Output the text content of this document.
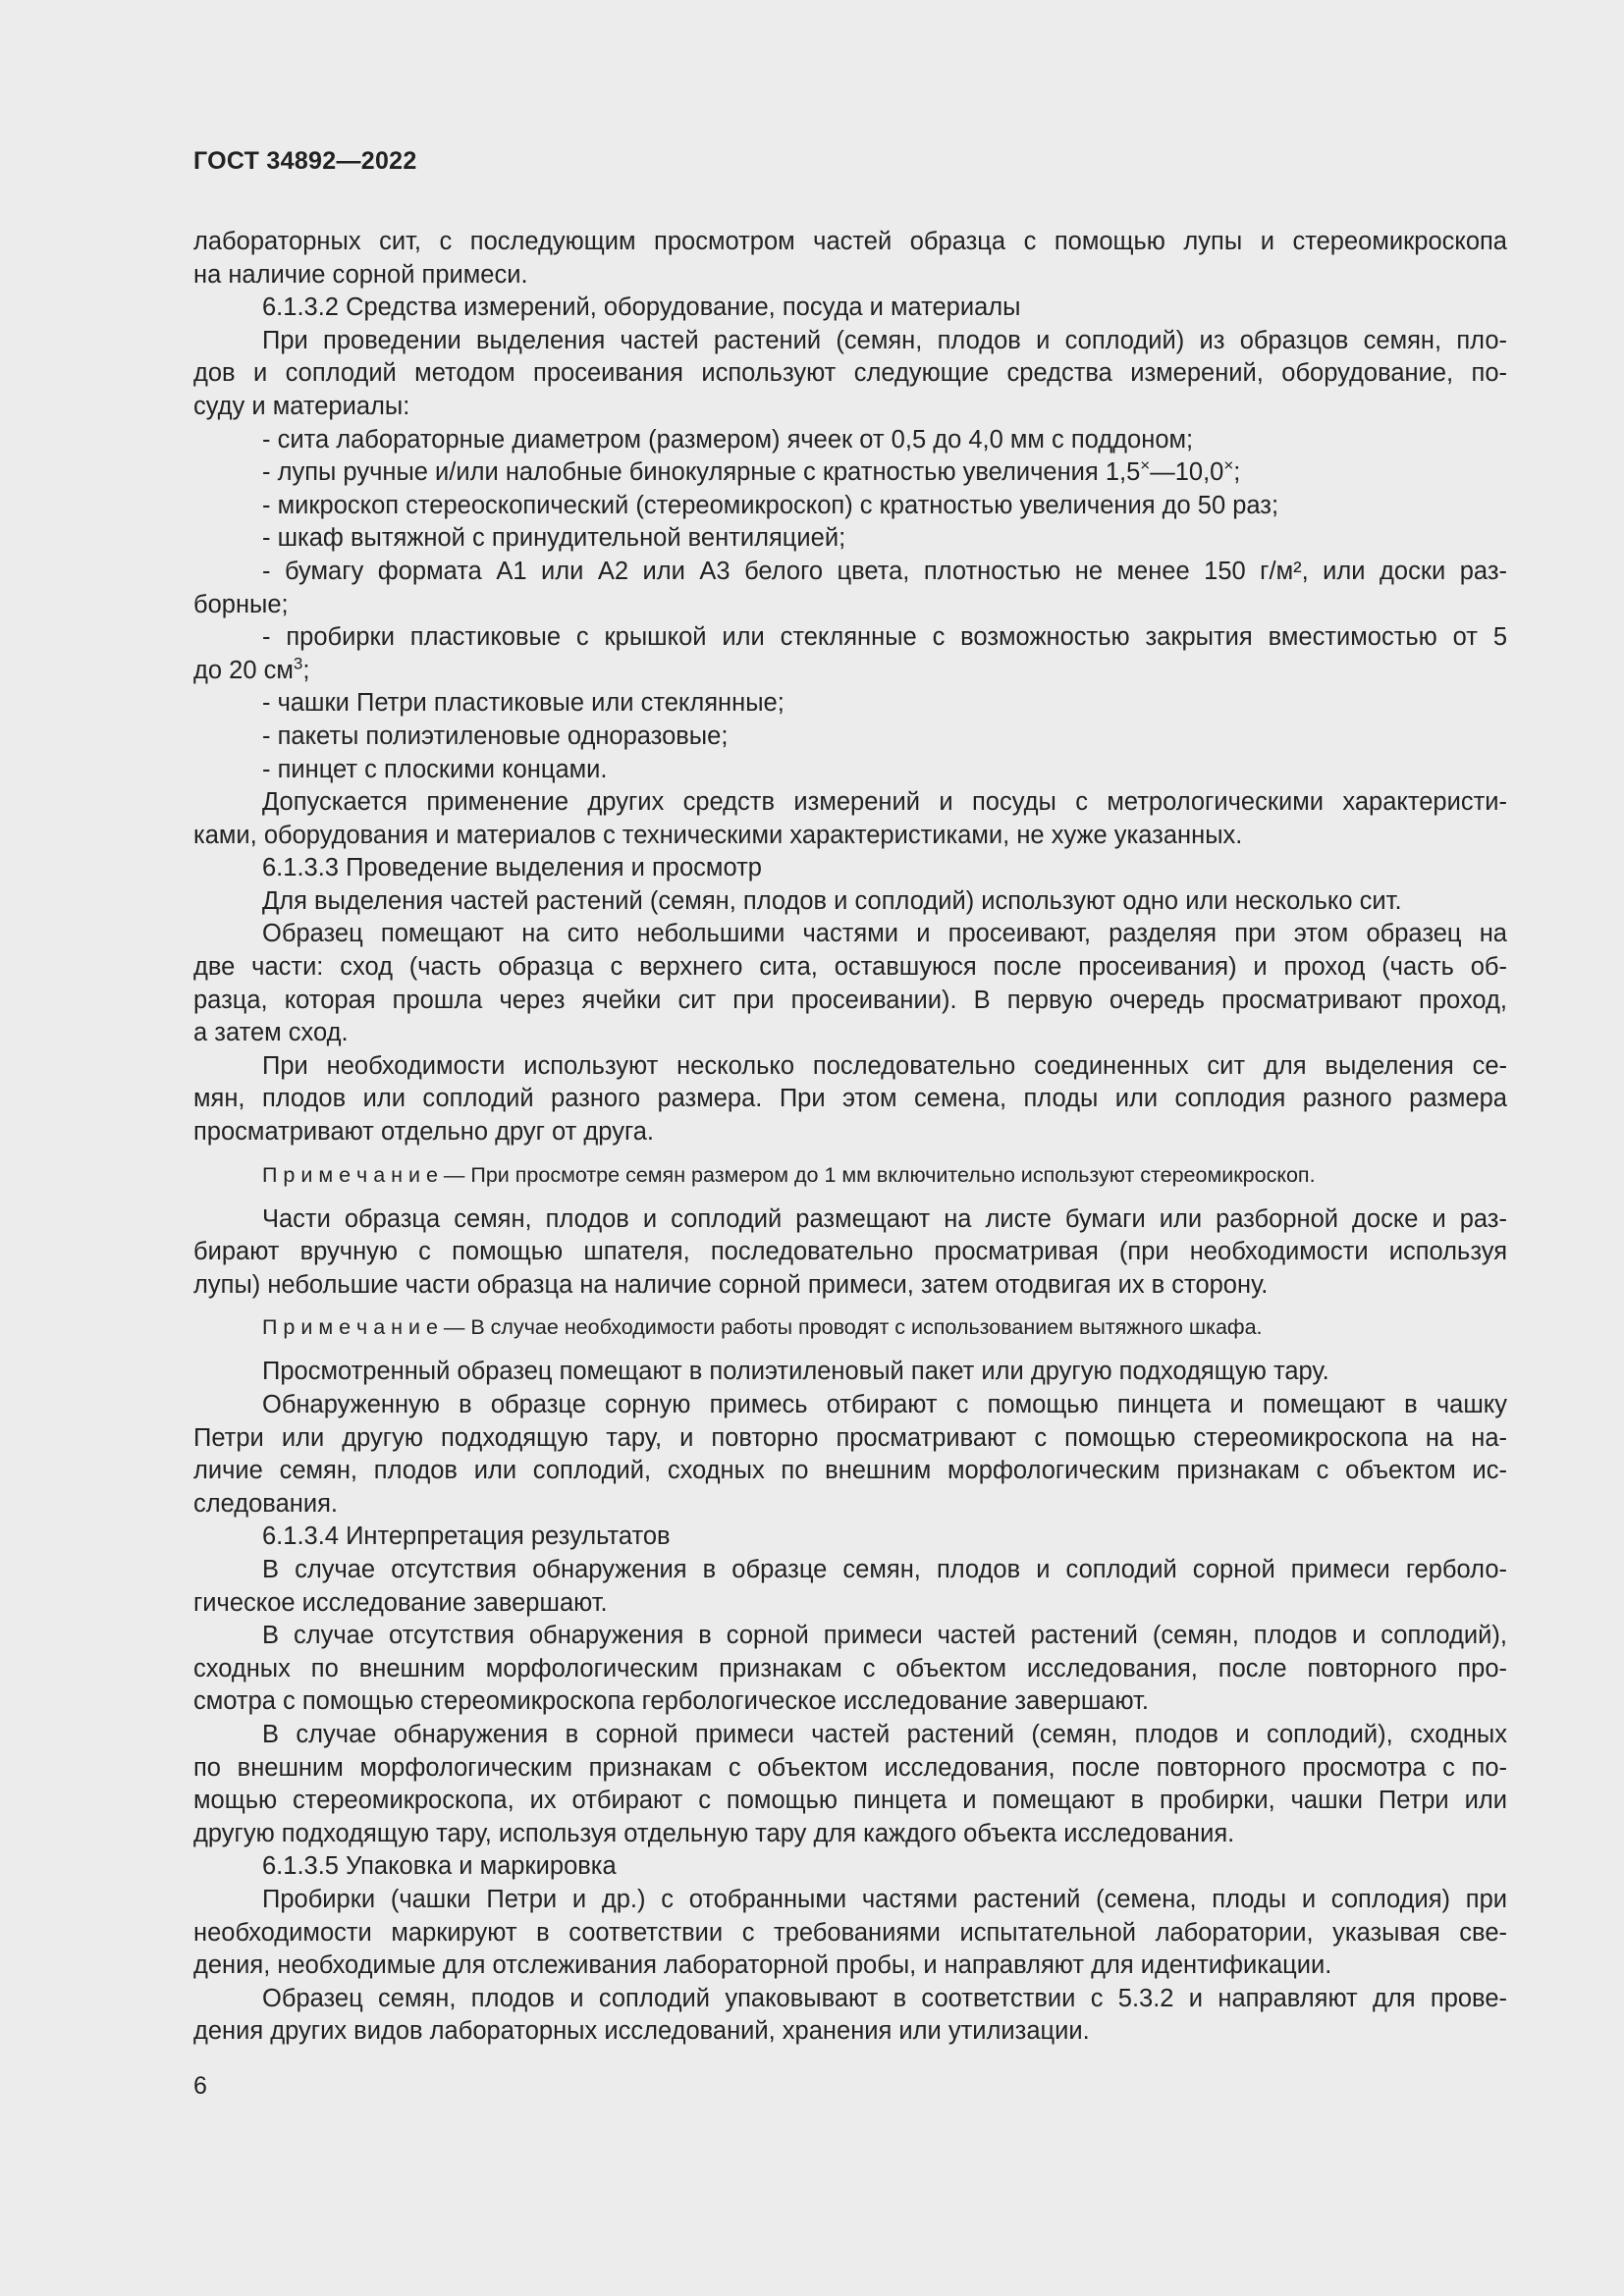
ГОСТ 34892—2022

лабораторных сит, с последующим просмотром частей образца с помощью лупы и стереомикроскопа

на наличие сорной примеси.

6.1.3.2 Средства измерений, оборудование, посуда и материалы

При проведении выделения частей растений (семян, плодов и соплодий) из образцов семян, пло-

дов и соплодий методом просеивания используют следующие средства измерений, оборудование, по-

суду и материалы:

- сита лабораторные диаметром (размером) ячеек от 0,5 до 4,0 мм с поддоном;

- лупы ручные и/или налобные бинокулярные с кратностью увеличения 1,5×—10,0×;

- микроскоп стереоскопический (стереомикроскоп) с кратностью увеличения до 50 раз;

- шкаф вытяжной с принудительной вентиляцией;

- бумагу формата А1 или А2 или А3 белого цвета, плотностью не менее 150 г/м², или доски раз-

борные;

- пробирки пластиковые с крышкой или стеклянные с возможностью закрытия вместимостью от 5

до 20 $см^3$;

- чашки Петри пластиковые или стеклянные;

- пакеты полиэтиленовые одноразовые;

- пинцет с плоскими концами.

Допускается применение других средств измерений и посуды с метрологическими характеристи-

ками, оборудования и материалов с техническими характеристиками, не хуже указанных.

6.1.3.3 Проведение выделения и просмотр

Для выделения частей растений (семян, плодов и соплодий) используют одно или несколько сит.

Образец помещают на сито небольшими частями и просеивают, разделяя при этом образец на

две части: сход (часть образца с верхнего сита, оставшуюся после просеивания) и проход (часть об-

разца, которая прошла через ячейки сит при просеивании). В первую очередь просматривают проход,

а затем сход.

При необходимости используют несколько последовательно соединенных сит для выделения се-

мян, плодов или соплодий разного размера. При этом семена, плоды или соплодия разного размера

просматривают отдельно друг от друга.

П р и м е ч а н и е — При просмотре семян размером до 1 мм включительно используют стереомикроскоп.

Части образца семян, плодов и соплодий размещают на листе бумаги или разборной доске и раз-

бирают вручную с помощью шпателя, последовательно просматривая (при необходимости используя

лупы) небольшие части образца на наличие сорной примеси, затем отодвигая их в сторону.

П р и м е ч а н и е — В случае необходимости работы проводят с использованием вытяжного шкафа.

Просмотренный образец помещают в полиэтиленовый пакет или другую подходящую тару.

Обнаруженную в образце сорную примесь отбирают с помощью пинцета и помещают в чашку

Петри или другую подходящую тару, и повторно просматривают с помощью стереомикроскопа на на-

личие семян, плодов или соплодий, сходных по внешним морфологическим признакам с объектом ис-

следования.

6.1.3.4 Интерпретация результатов

В случае отсутствия обнаружения в образце семян, плодов и соплодий сорной примеси герболо-

гическое исследование завершают.

В случае отсутствия обнаружения в сорной примеси частей растений (семян, плодов и соплодий),

сходных по внешним морфологическим признакам с объектом исследования, после повторного про-

смотра с помощью стереомикроскопа гербологическое исследование завершают.

В случае обнаружения в сорной примеси частей растений (семян, плодов и соплодий), сходных

по внешним морфологическим признакам с объектом исследования, после повторного просмотра с по-

мощью стереомикроскопа, их отбирают с помощью пинцета и помещают в пробирки, чашки Петри или

другую подходящую тару, используя отдельную тару для каждого объекта исследования.

6.1.3.5 Упаковка и маркировка

Пробирки (чашки Петри и др.) с отобранными частями растений (семена, плоды и соплодия) при

необходимости маркируют в соответствии с требованиями испытательной лаборатории, указывая све-

дения, необходимые для отслеживания лабораторной пробы, и направляют для идентификации.

Образец семян, плодов и соплодий упаковывают в соответствии с 5.3.2 и направляют для прове-

дения других видов лабораторных исследований, хранения или утилизации.

6
